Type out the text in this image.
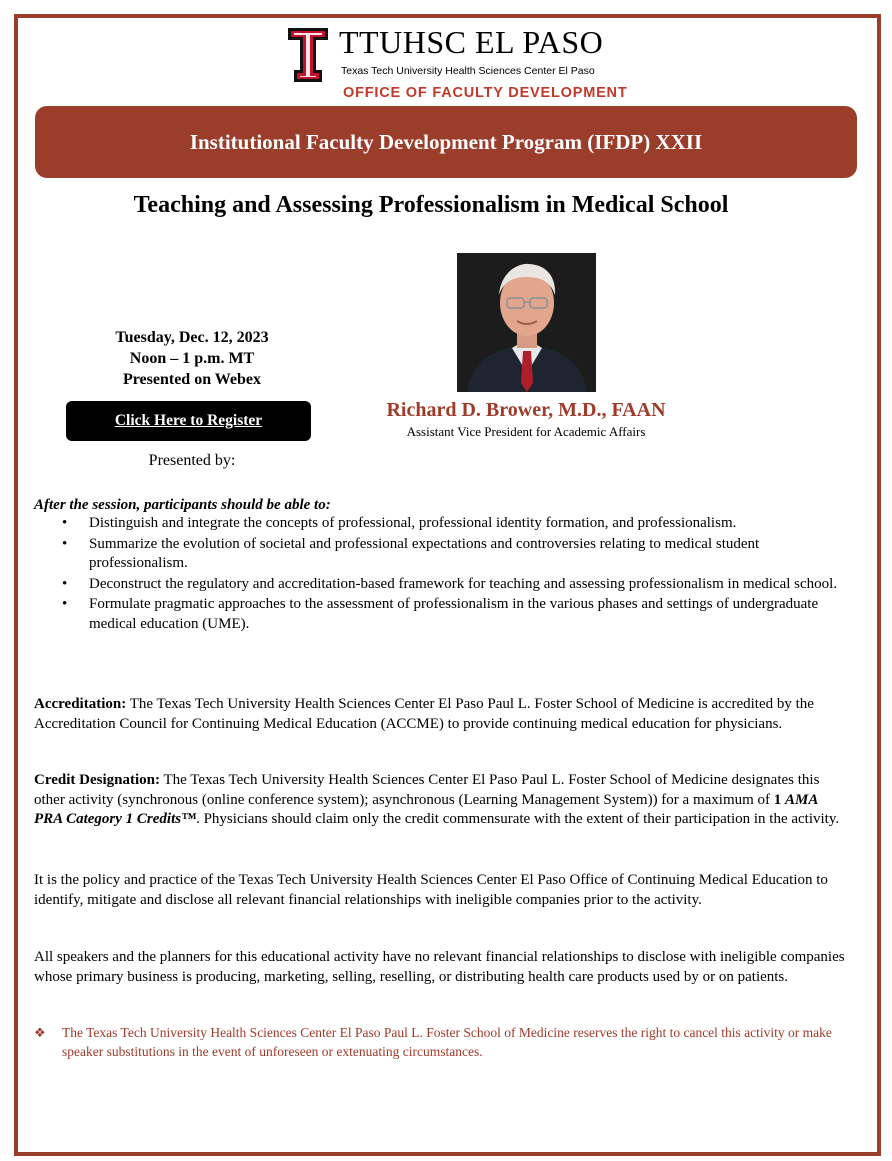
TTUHSC EL PASO
Texas Tech University Health Sciences Center El Paso
OFFICE OF FACULTY DEVELOPMENT
Institutional Faculty Development Program (IFDP) XXII
Teaching and Assessing Professionalism in Medical School
Tuesday, Dec. 12, 2023
Noon – 1 p.m. MT
Presented on Webex
Click Here to Register
Presented by:
Richard D. Brower, M.D., FAAN
Assistant Vice President for Academic Affairs
After the session, participants should be able to:
• Distinguish and integrate the concepts of professional, professional identity formation, and professionalism.
• Summarize the evolution of societal and professional expectations and controversies relating to medical student professionalism.
• Deconstruct the regulatory and accreditation-based framework for teaching and assessing professionalism in medical school.
• Formulate pragmatic approaches to the assessment of professionalism in the various phases and settings of undergraduate medical education (UME).
Accreditation: The Texas Tech University Health Sciences Center El Paso Paul L. Foster School of Medicine is accredited by the Accreditation Council for Continuing Medical Education (ACCME) to provide continuing medical education for physicians.
Credit Designation: The Texas Tech University Health Sciences Center El Paso Paul L. Foster School of Medicine designates this other activity (synchronous (online conference system); asynchronous (Learning Management System)) for a maximum of 1 AMA PRA Category 1 Credits™. Physicians should claim only the credit commensurate with the extent of their participation in the activity.
It is the policy and practice of the Texas Tech University Health Sciences Center El Paso Office of Continuing Medical Education to identify, mitigate and disclose all relevant financial relationships with ineligible companies prior to the activity.
All speakers and the planners for this educational activity have no relevant financial relationships to disclose with ineligible companies whose primary business is producing, marketing, selling, reselling, or distributing health care products used by or on patients.
❖ The Texas Tech University Health Sciences Center El Paso Paul L. Foster School of Medicine reserves the right to cancel this activity or make speaker substitutions in the event of unforeseen or extenuating circumstances.
